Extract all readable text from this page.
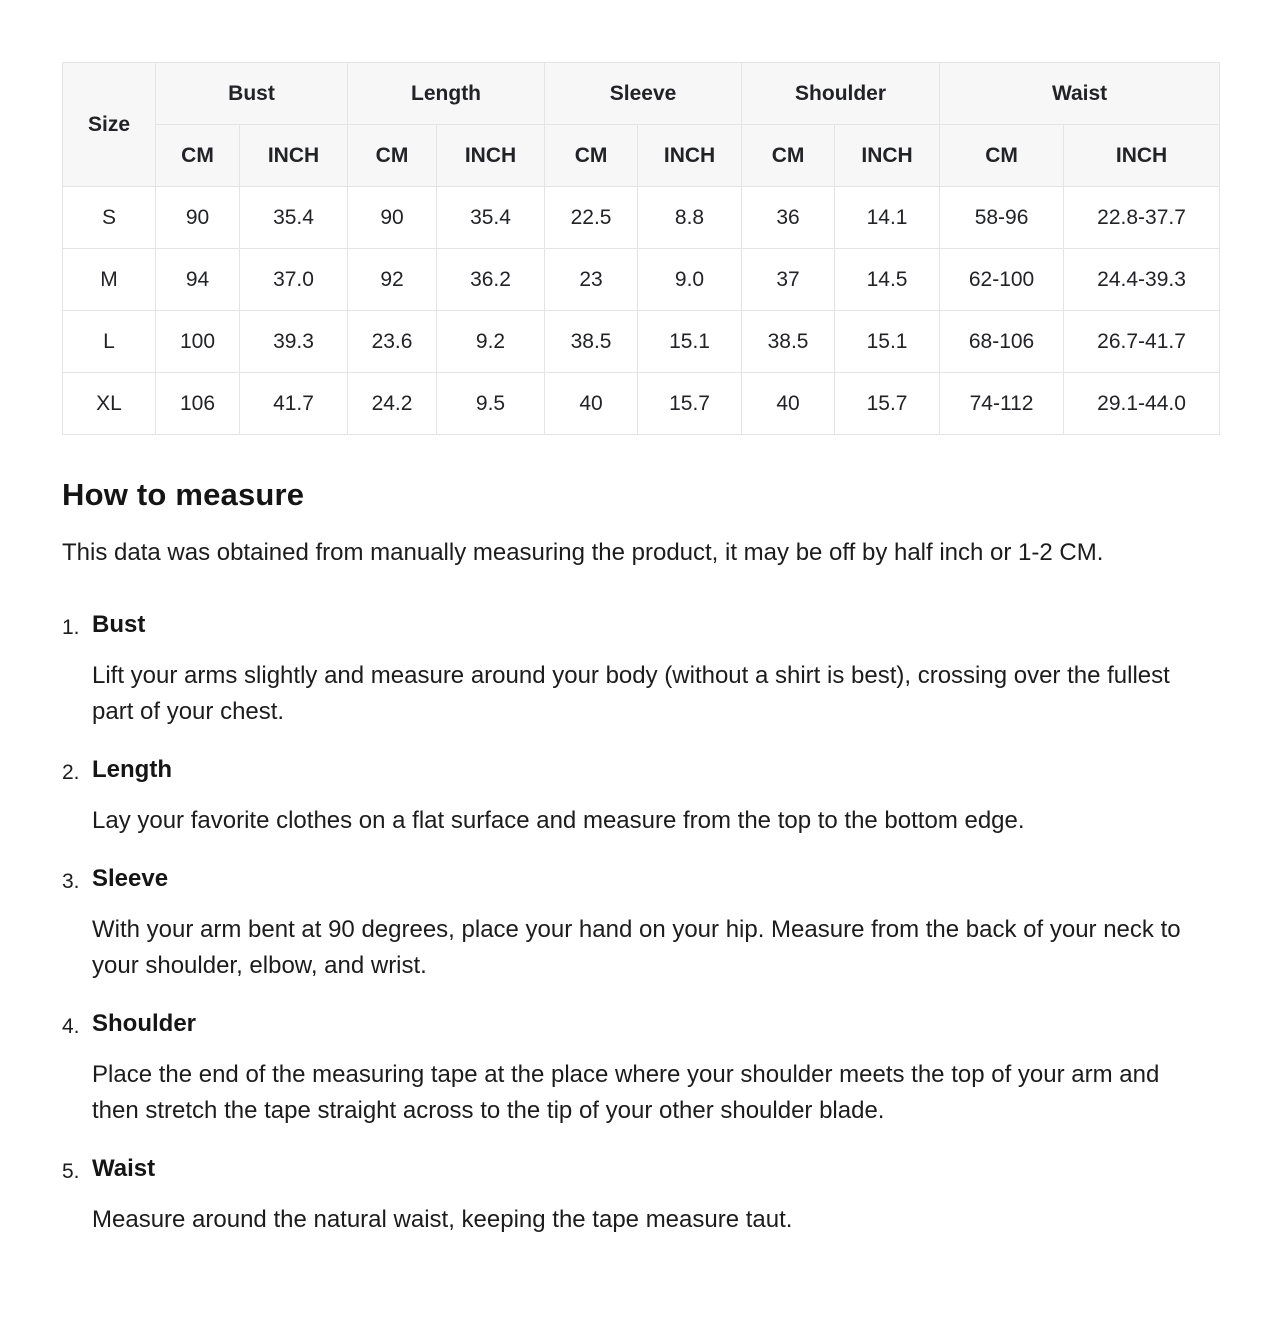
Size	Bust		Length		Sleeve		Shoulder		Waist	
	CM	INCH	CM	INCH	CM	INCH	CM	INCH	CM	INCH
S	90	35.4	90	35.4	22.5	8.8	36	14.1	58-96	22.8-37.7
M	94	37.0	92	36.2	23	9.0	37	14.5	62-100	24.4-39.3
L	100	39.3	23.6	9.2	38.5	15.1	38.5	15.1	68-106	26.7-41.7
XL	106	41.7	24.2	9.5	40	15.7	40	15.7	74-112	29.1-44.0
How to measure

This data was obtained from manually measuring the product, it may be off by half inch or 1-2 CM.

1. Bust

Lift your arms slightly and measure around your body (without a shirt is best), crossing over the fullest part of your chest.

2. Length

Lay your favorite clothes on a flat surface and measure from the top to the bottom edge.

3. Sleeve

With your arm bent at 90 degrees, place your hand on your hip. Measure from the back of your neck to your shoulder, elbow, and wrist.

4. Shoulder

Place the end of the measuring tape at the place where your shoulder meets the top of your arm and then stretch the tape straight across to the tip of your other shoulder blade.

5. Waist

Measure around the natural waist, keeping the tape measure taut.
